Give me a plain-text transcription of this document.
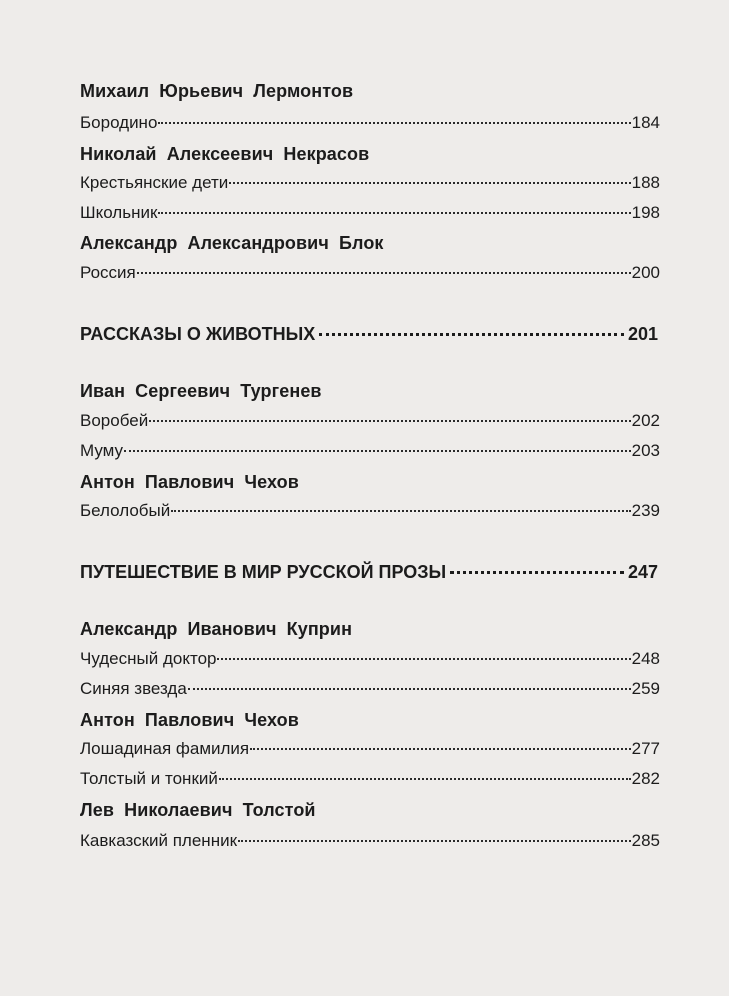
Михаил Юрьевич Лермонтов
Бородино	184
Николай Алексеевич Некрасов
Крестьянские дети	188
Школьник	198
Александр Александрович Блок
Россия	200
РАССКАЗЫ О ЖИВОТНЫХ	201
Иван Сергеевич Тургенев
Воробей	202
Муму	203
Антон Павлович Чехов
Белолобый	239
ПУТЕШЕСТВИЕ В МИР РУССКОЙ ПРОЗЫ	247
Александр Иванович Куприн
Чудесный доктор	248
Синяя звезда	259
Антон Павлович Чехов
Лошадиная фамилия	277
Толстый и тонкий	282
Лев Николаевич Толстой
Кавказский пленник	285
